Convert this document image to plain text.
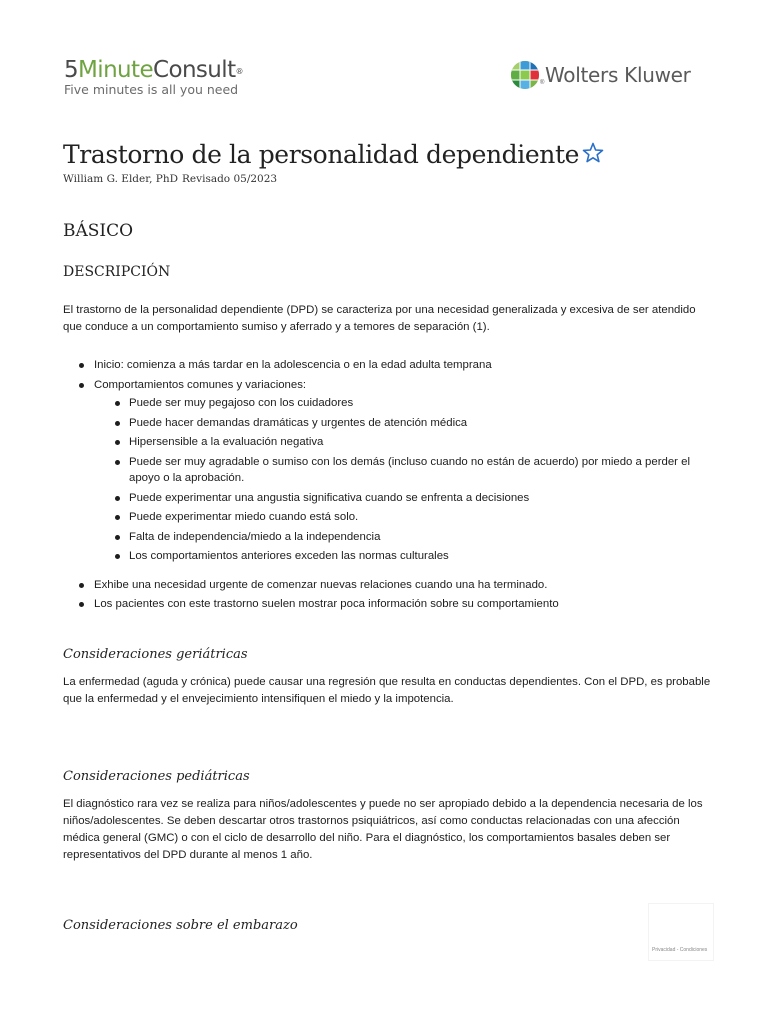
5MinuteConsult®
Five minutes is all you need	® Wolters Kluwer
Trastorno de la personalidad dependiente
William G. Elder, PhD Revisado 05/2023
BÁSICO
DESCRIPCIÓN

El trastorno de la personalidad dependiente (DPD) se caracteriza por una necesidad generalizada y excesiva de ser atendido que conduce a un comportamiento sumiso y aferrado y a temores de separación (1).

Inicio: comienza a más tardar en la adolescencia o en la edad adulta temprana
Comportamientos comunes y variaciones:
Puede ser muy pegajoso con los cuidadores
Puede hacer demandas dramáticas y urgentes de atención médica
Hipersensible a la evaluación negativa
Puede ser muy agradable o sumiso con los demás (incluso cuando no están de acuerdo) por miedo a perder el apoyo o la aprobación.
Puede experimentar una angustia significativa cuando se enfrenta a decisiones
Puede experimentar miedo cuando está solo.
Falta de independencia/miedo a la independencia
Los comportamientos anteriores exceden las normas culturales
Exhibe una necesidad urgente de comenzar nuevas relaciones cuando una ha terminado.
Los pacientes con este trastorno suelen mostrar poca información sobre su comportamiento
Consideraciones geriátricas

La enfermedad (aguda y crónica) puede causar una regresión que resulta en conductas dependientes. Con el DPD, es probable que la enfermedad y el envejecimiento intensifiquen el miedo y la impotencia.

Consideraciones pediátricas

El diagnóstico rara vez se realiza para niños/adolescentes y puede no ser apropiado debido a la dependencia necesaria de los niños/adolescentes. Se deben descartar otros trastornos psiquiátricos, así como conductas relacionadas con una afección médica general (GMC) o con el ciclo de desarrollo del niño. Para el diagnóstico, los comportamientos basales deben ser representativos del DPD durante al menos 1 año.

Consideraciones sobre el embarazo
Privacidad - Condiciones
